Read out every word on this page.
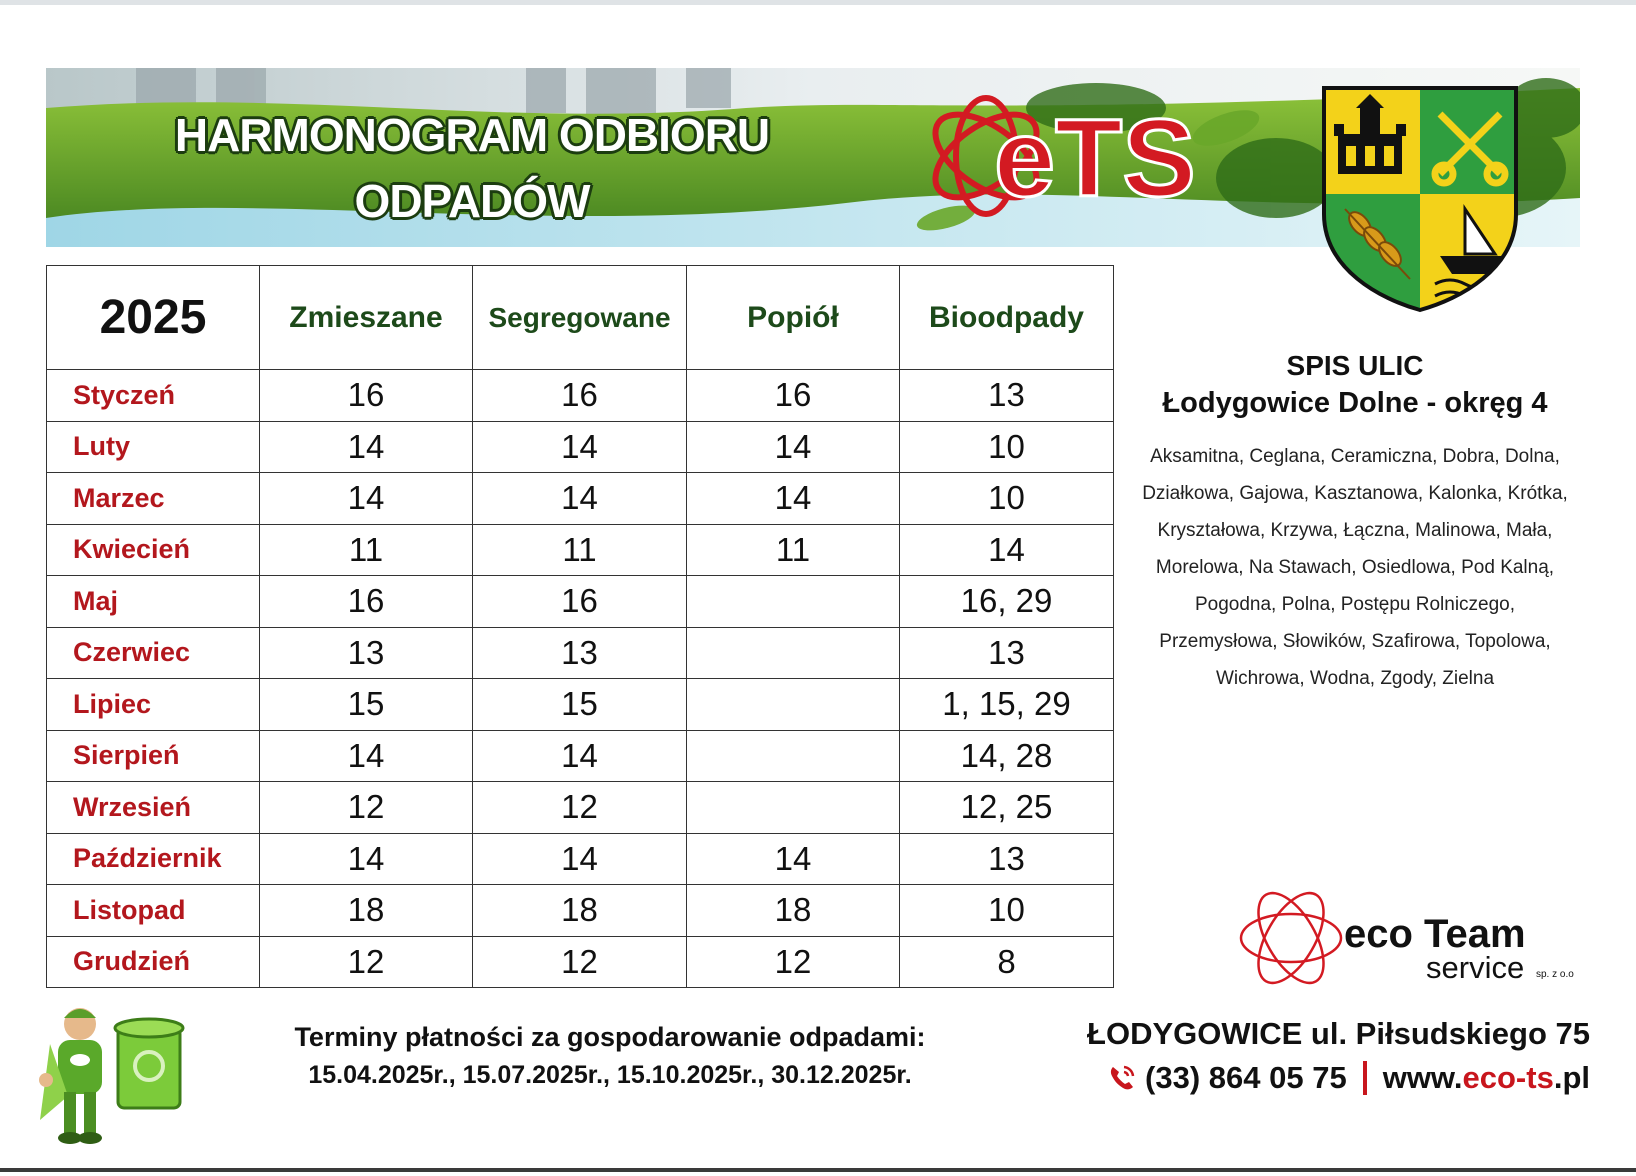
HARMONOGRAM ODBIORU
ODPADÓW	eTS
2025	Zmieszane	Segregowane	Popiół	Bioodpady
Styczeń	16	16	16	13
Luty	14	14	14	10
Marzec	14	14	14	10
Kwiecień	11	11	11	14
Maj	16	16		16, 29
Czerwiec	13	13		13
Lipiec	15	15		1, 15, 29
Sierpień	14	14		14, 28
Wrzesień	12	12		12, 25
Październik	14	14	14	13
Listopad	18	18	18	10
Grudzień	12	12	12	8
SPIS ULIC
Łodygowice Dolne - okręg 4
Aksamitna, Ceglana, Ceramiczna, Dobra, Dolna, Działkowa, Gajowa, Kasztanowa, Kalonka, Krótka, Kryształowa, Krzywa, Łączna, Malinowa, Mała, Morelowa, Na Stawach, Osiedlowa, Pod Kalną, Pogodna, Polna, Postępu Rolniczego, Przemysłowa, Słowików, Szafirowa, Topolowa, Wichrowa, Wodna, Zgody, Zielna
eco Team
service sp. z o.o
Terminy płatności za gospodarowanie odpadami:
15.04.2025r., 15.07.2025r., 15.10.2025r., 30.12.2025r.
ŁODYGOWICE ul. Piłsudskiego 75
(33) 864 05 75 www.eco-ts.pl
